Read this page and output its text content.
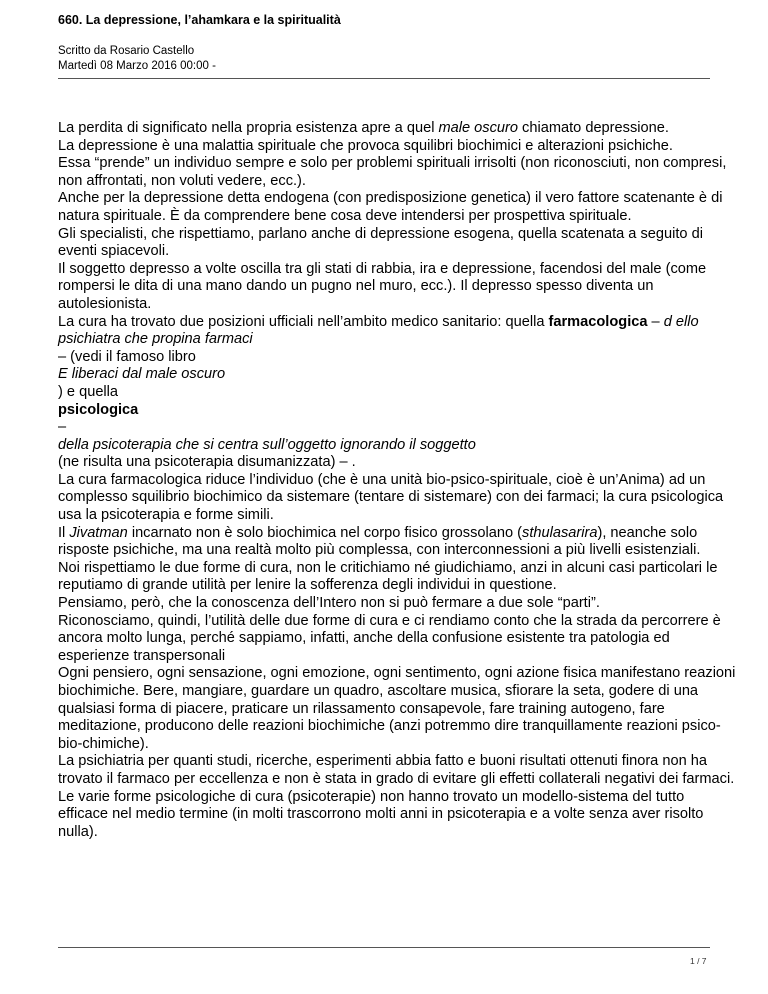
660. La depressione, l’ahamkara e la spiritualità
Scritto da Rosario Castello
Martedì 08 Marzo 2016 00:00 -

La perdita di significato nella propria esistenza apre a quel male oscuro chiamato depressione.

La depressione è una malattia spirituale che provoca squilibri biochimici e alterazioni psichiche.

Essa “prende” un individuo sempre e solo per problemi spirituali irrisolti (non riconosciuti, non compresi, non affrontati, non voluti vedere, ecc.).

Anche per la depressione detta endogena (con predisposizione genetica) il vero fattore scatenante è di natura spirituale. È da comprendere bene cosa deve intendersi per prospettiva spirituale.

Gli specialisti, che rispettiamo, parlano anche di depressione esogena, quella scatenata a seguito di eventi spiacevoli.

Il soggetto depresso a volte oscilla tra gli stati di rabbia, ira e depressione, facendosi del male (come rompersi le dita di una mano dando un pugno nel muro, ecc.). Il depresso spesso diventa un autolesionista.

La cura ha trovato due posizioni ufficiali nell’ambito medico sanitario: quella farmacologica – d ello psichiatra che propina farmaci

– (vedi il famoso libro

E liberaci dal male oscuro

) e quella

psicologica

–

della psicoterapia che si centra sull’oggetto ignorando il soggetto

(ne risulta una psicoterapia disumanizzata) – .

La cura farmacologica riduce l’individuo (che è una unità bio-psico-spirituale, cioè è un’Anima) ad un complesso squilibrio biochimico da sistemare (tentare di sistemare) con dei farmaci; la cura psicologica usa la psicoterapia e forme simili.

Il Jivatman incarnato non è solo biochimica nel corpo fisico grossolano (sthulasarira), neanche solo risposte psichiche, ma una realtà molto più complessa, con interconnessioni a più livelli esistenziali.

Noi rispettiamo le due forme di cura, non le critichiamo né giudichiamo, anzi in alcuni casi particolari le reputiamo di grande utilità per lenire la sofferenza degli individui in questione.

Pensiamo, però, che la conoscenza dell’Intero non si può fermare a due sole “parti”.

Riconosciamo, quindi, l’utilità delle due forme di cura e ci rendiamo conto che la strada da percorrere è ancora molto lunga, perché sappiamo, infatti, anche della confusione esistente tra patologia ed esperienze transpersonali

Ogni pensiero, ogni sensazione, ogni emozione, ogni sentimento, ogni azione fisica manifestano reazioni biochimiche. Bere, mangiare, guardare un quadro, ascoltare musica, sfiorare la seta, godere di una qualsiasi forma di piacere, praticare un rilassamento consapevole, fare training autogeno, fare meditazione, producono delle reazioni biochimiche (anzi potremmo dire tranquillamente reazioni psico-bio-chimiche).

La psichiatria per quanti studi, ricerche, esperimenti abbia fatto e buoni risultati ottenuti finora non ha trovato il farmaco per eccellenza e non è stata in grado di evitare gli effetti collaterali negativi dei farmaci.

Le varie forme psicologiche di cura (psicoterapie) non hanno trovato un modello-sistema del tutto efficace nel medio termine (in molti trascorrono molti anni in psicoterapia e a volte senza aver risolto nulla).

1 / 7
